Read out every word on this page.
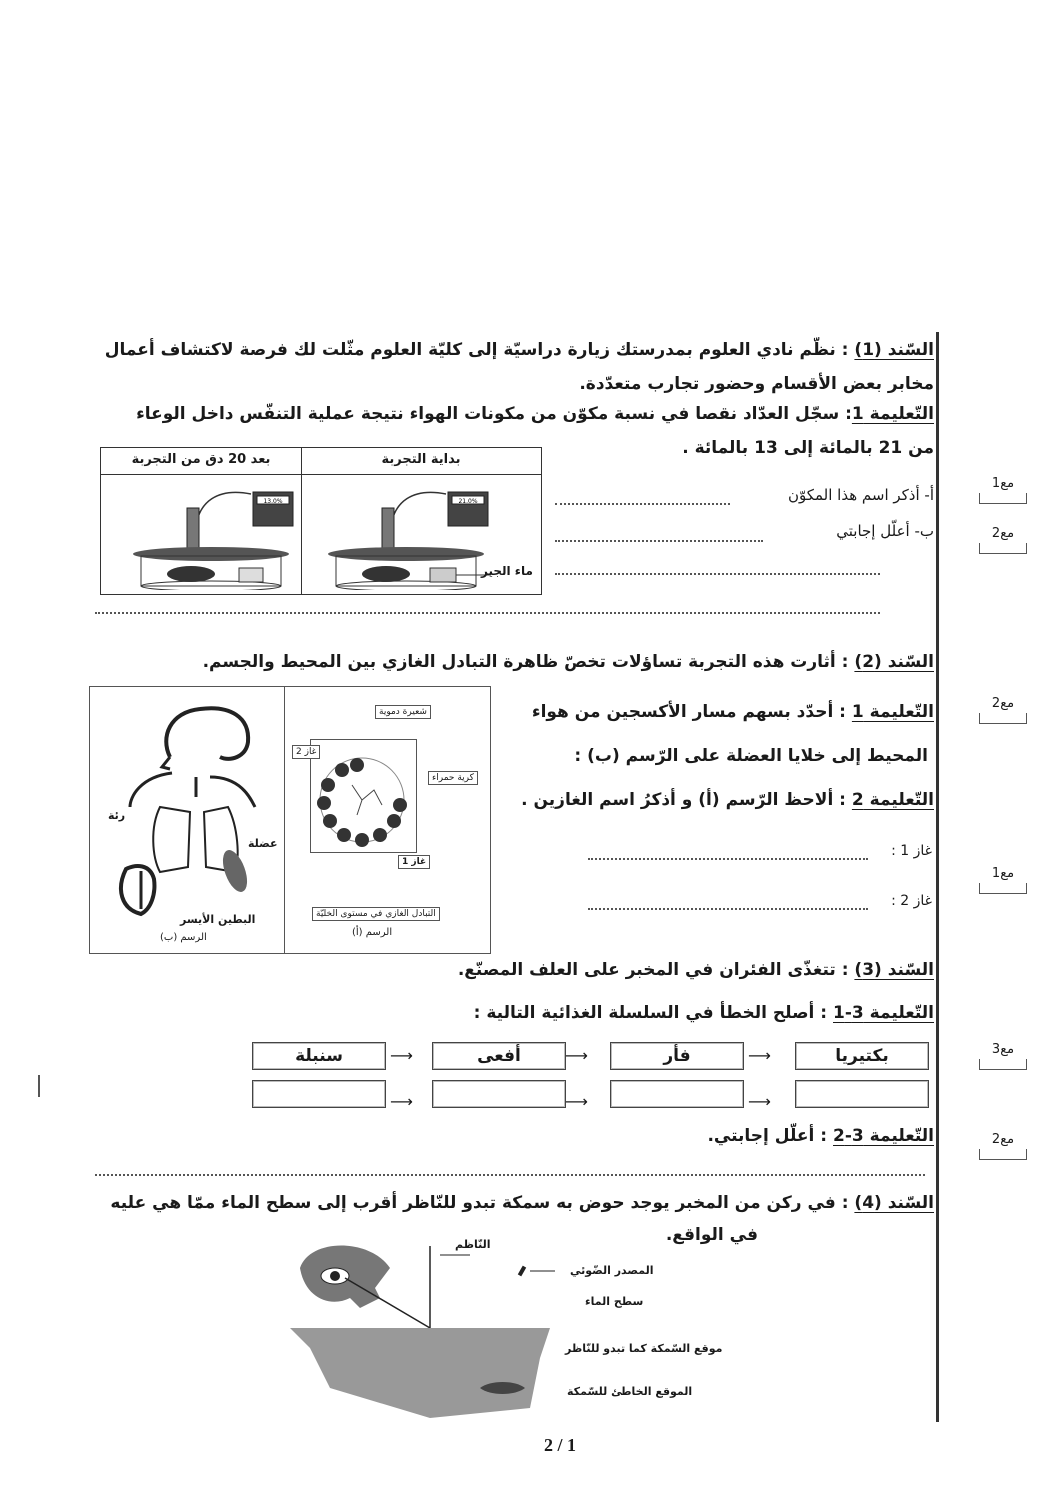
السّند (1) : نظّم نادي العلوم بمدرستك زيارة دراسيّة إلى كليّة العلوم مثّلت لك فرصة لاكتشاف أعمال
مخابر بعض الأقسام وحضور تجارب متعدّدة.
التّعليمة 1: سجّل العدّاد نقصا في نسبة مكوّن من مكونات الهواء نتيجة عملية التنفّس داخل الوعاء
من 21 بالمائة إلى 13 بالمائة .
بداية التجربة
بعد 20 دق من التجربة
13.0%	21.0%
ماء الجير
أ- أذكر اسم هذا المكوّن
ب- أعلّل إجابتي
مع1
مع2
السّند (2) : أثارت هذه التجربة تساؤلات تخصّ ظاهرة التبادل الغازي بين المحيط والجسم.
رئة
عضلة
البطين الأيسر
الرسم (ب)
شعيرة دموية
غاز 2
كرية حمراء
غاز 1
التبادل الغازي في مستوى الخليّة
الرسم (أ)
التّعليمة 1 : أحدّد بسهم مسار الأكسجين من هواء
المحيط إلى خلايا العضلة على الرّسم (ب) :
التّعليمة 2 : ألاحظ الرّسم (أ) و أذكرُ اسم الغازين .
غاز 1 :
غاز 2 :
مع2
مع1
السّند (3) : تتغذّى الفئران في المخبر على العلف المصنّع.
التّعليمة 3-1 : أصلح الخطأ في السلسلة الغذائية التالية :
بكتيريا
فأر
أفعى
سنبلة	⟶
⟶
⟶
⟶
⟶
⟶
التّعليمة 3-2 : أعلّل إجابتي.
مع3
مع2
السّند (4) : في ركن من المخبر يوجد حوض به سمكة تبدو للنّاظر أقرب إلى سطح الماء ممّا هي عليه
في الواقع.
النّاظم
المصدر الضّوئي
سطح الماء
موقع السّمكة كما تبدو للنّاظر
الموقع الخاطئ للسّمكة
2 / 1
